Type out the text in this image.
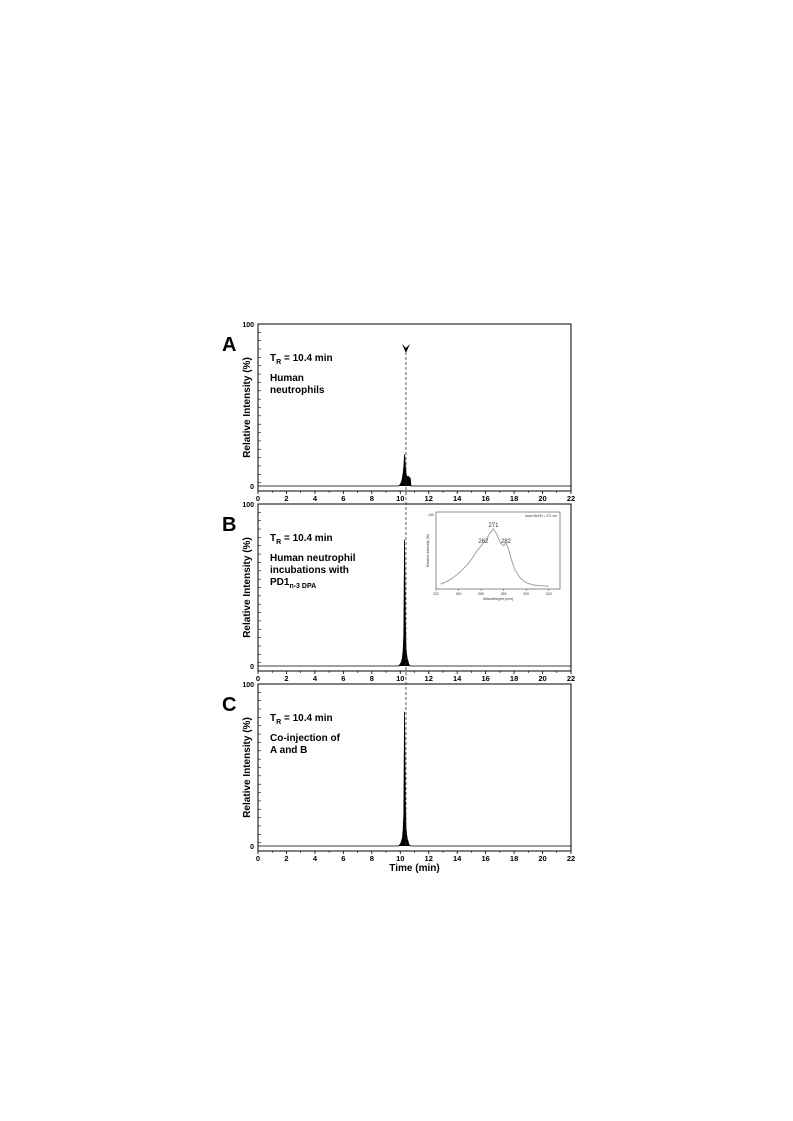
100
0
0	2	4	6	8	10	12	14	16	18	20	22
Relative Intensity (%)
A
$T_R = 10.4$ min
Human
neutrophils
100
0
0	2	4	6	8	10	12	14	16	18	20	22
Relative Intensity (%)
B
$T_R = 10.4$ min
Human neutrophil
incubations with
$PD1_{n-3 DPA}$
220	240	260	280	300	320
100
Wavelength (nm)
Relative Intensity (%)
λmax MeOH = 271 nm
262
271
282
100
0
0	2	4	6	8	10	12	14	16	18	20	22
Relative Intensity (%)
C
$T_R = 10.4$ min
Co-injection of
A and B
Time (min)
